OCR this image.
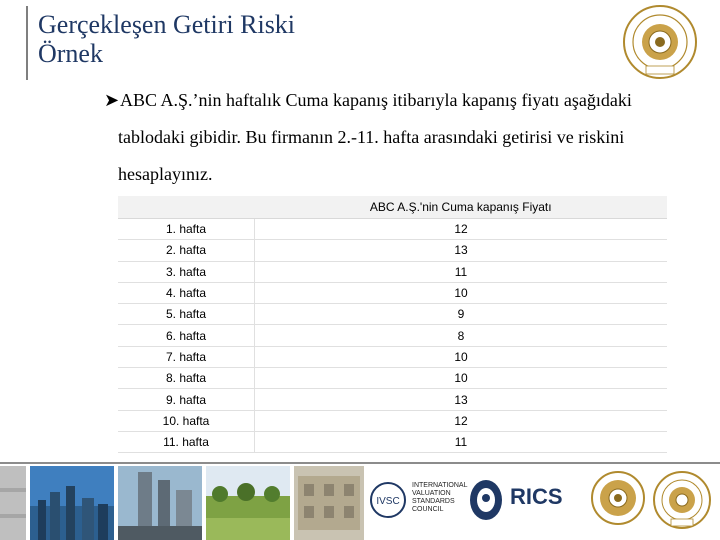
Gerçekleşen Getiri Riski
Örnek
➤ABC A.Ş.’nin haftalık Cuma kapanış itibarıyla kapanış fiyatı aşağıdaki
tablodaki gibidir. Bu firmanın 2.-11. hafta arasındaki getirisi ve riskini
hesaplayınız.
	ABC A.Ş.'nin Cuma kapanış Fiyatı
1. hafta	12
2. hafta	13
3. hafta	11
4. hafta	10
5. hafta	9
6. hafta	8
7. hafta	10
8. hafta	10
9. hafta	13
10. hafta	12
11. hafta	11
IVSC
INTERNATIONAL VALUATION STANDARDS COUNCIL
RICS
